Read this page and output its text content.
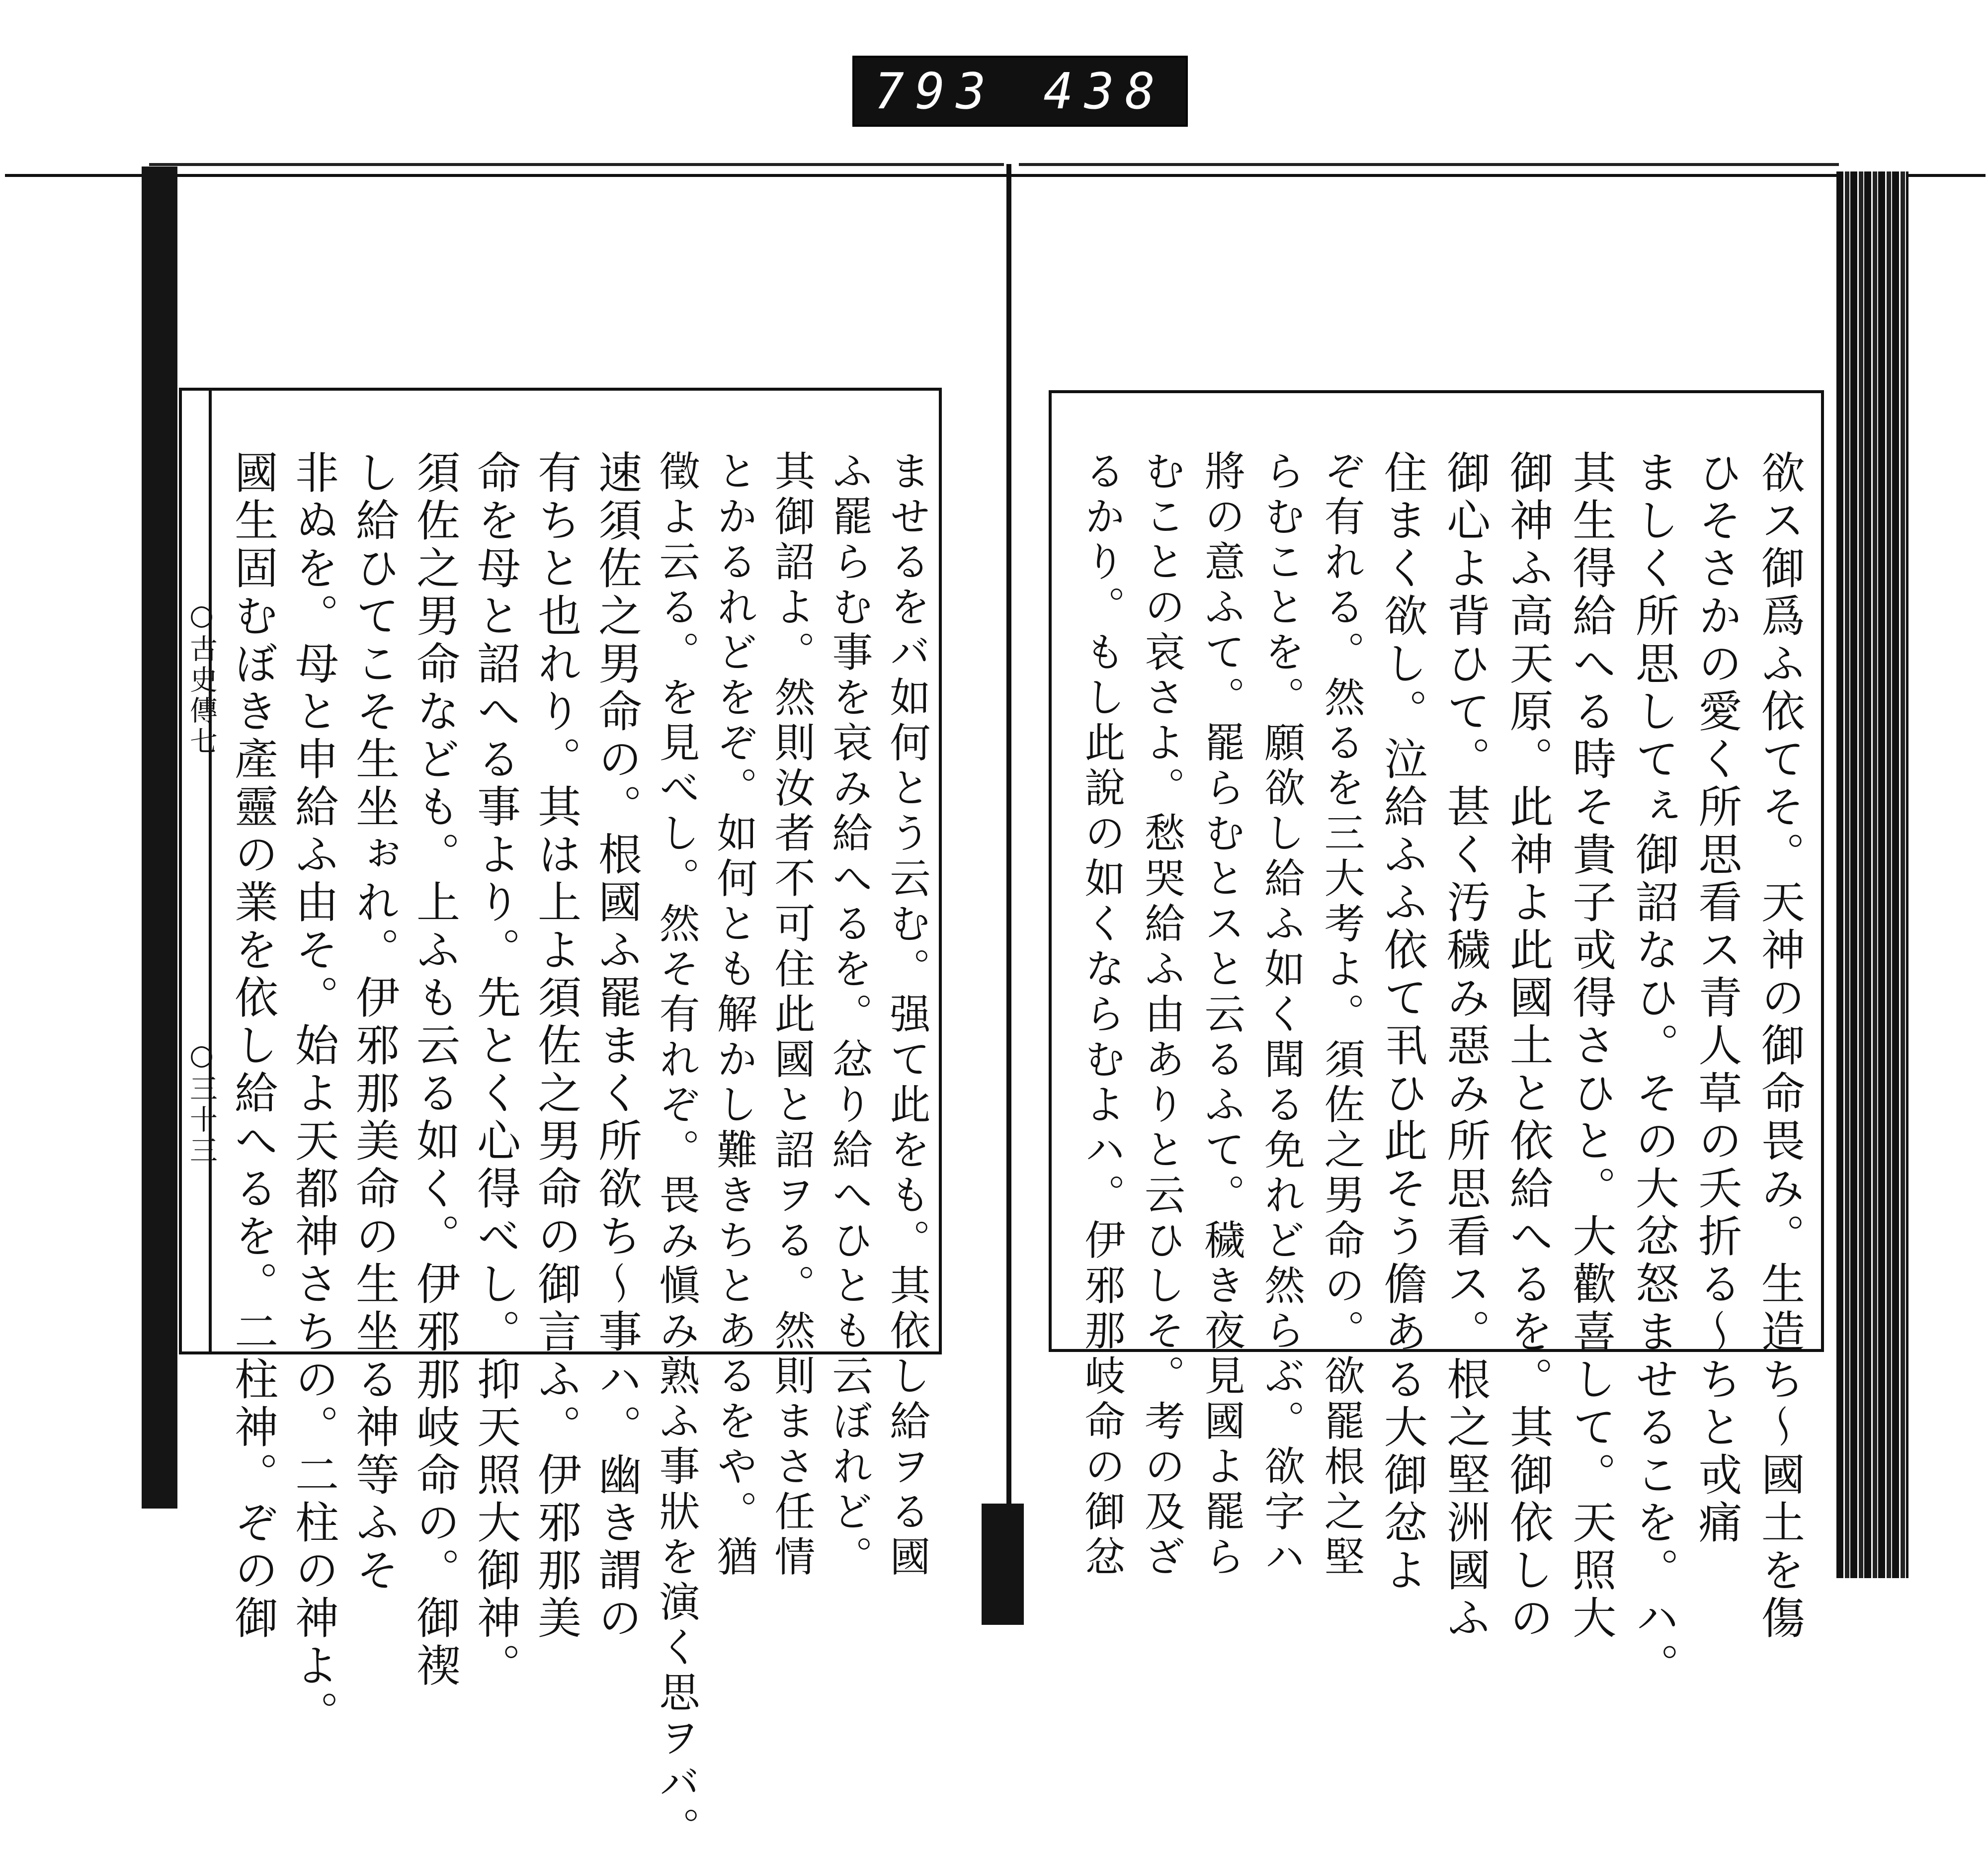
793 438
欲ス御爲ふ依てそ。天神の御命畏み。生造ち〜國土を傷
ひそさかの愛く所思看ス青人草の夭折る〜ちと戓痛
ましく所思してぇ御詔なひ。その大忿怒ませるこを。ハ。
其生得給へる時そ貴子戓得さひと。大歡喜して。天照大
御神ふ高天原。此神よ此國土と依給へるを。其御依しの
御心よ背ひて。甚く汚穢み惡み所思看ス。根之堅洲國ふ
住まく欲し。泣給ふふ依て丮ひ此そう儋ある大御忿よ
ぞ有れる。然るを三大考よ。須佐之男命の。欲罷根之堅
らむことを。願欲し給ふ如く聞る免れど然らぶ。欲字ハ
將の意ふて。罷らむとスと云るふて。穢き夜見國よ罷ら
むことの哀さよ。愁哭給ふ由ありと云ひしそ。考の及ざ
るかり。もし此說の如くならむよハ。伊邪那岐命の御忿
○古史傳七
○三十三	ませるをバ如何とう云む。强て此をも。其依し給ヲる國
ふ罷らむ事を哀み給へるを。忿り給へひとも云ぼれど。
其御詔よ。然則汝者不可住此國と詔ヲる。然則まさ任情
とかるれどをぞ。如何とも解かし難きちとあるをや。猶
徵よ云る。を見べし。然そ有れぞ。畏み愼み熟ふ事狀を演く思ヲバ。
速須佐之男命の。根國ふ罷まく所欲ち〜事ハ。幽き謂の
有ちと也れり。其は上よ須佐之男命の御言ふ。伊邪那美
命を母と詔へる事より。先とく心得べし。抑天照大御神。
須佐之男命なども。上ふも云る如く。伊邪那岐命の。御禊
し給ひてこそ生坐ぉれ。伊邪那美命の生坐る神等ふそ
非ぬを。母と申給ふ由そ。始よ天都神さちの。二柱の神よ。
國生固むぼき產靈の業を依し給へるを。二柱神。ぞの御
